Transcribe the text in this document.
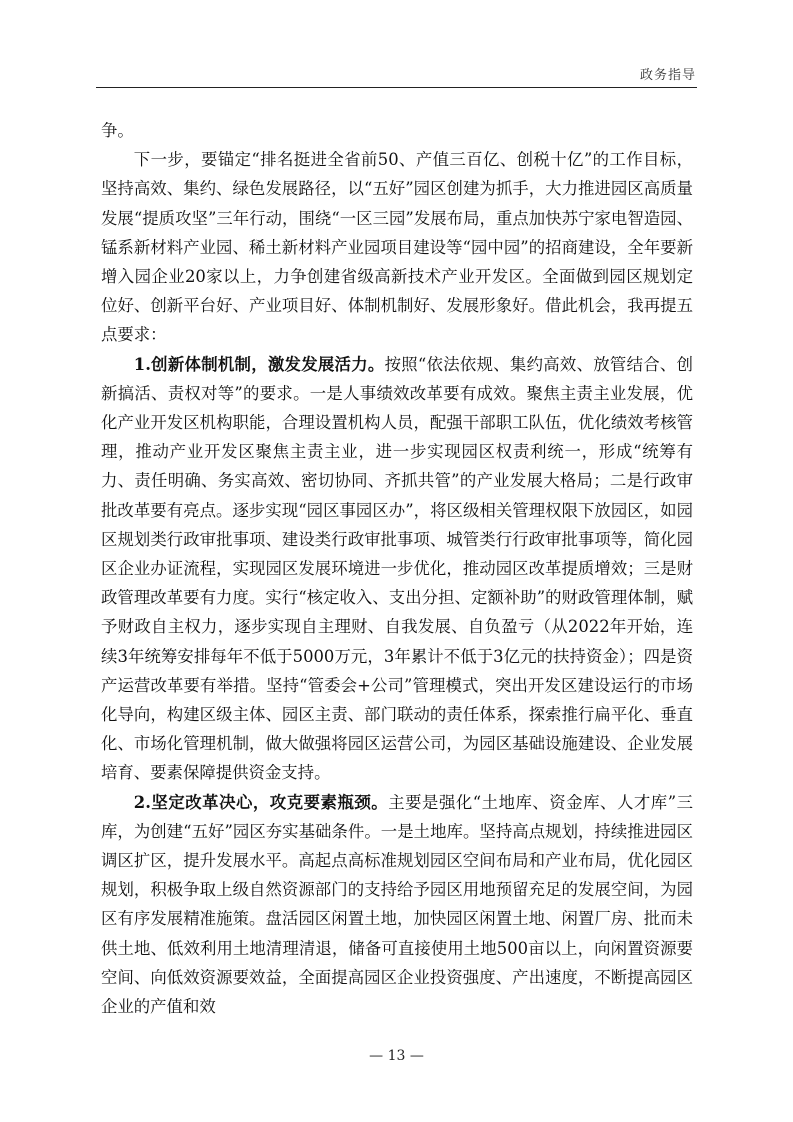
政务指导

争。

下一步，要锚定“排名挺进全省前50、产值三百亿、创税十亿”的工作目标，坚持高效、集约、绿色发展路径，以“五好”园区创建为抓手，大力推进园区高质量发展“提质攻坚”三年行动，围绕“一区三园”发展布局，重点加快苏宁家电智造园、锰系新材料产业园、稀土新材料产业园项目建设等“园中园”的招商建设，全年要新增入园企业20家以上，力争创建省级高新技术产业开发区。全面做到园区规划定位好、创新平台好、产业项目好、体制机制好、发展形象好。借此机会，我再提五点要求：

1.创新体制机制，激发发展活力。按照“依法依规、集约高效、放管结合、创新搞活、责权对等”的要求。一是人事绩效改革要有成效。聚焦主责主业发展，优化产业开发区机构职能，合理设置机构人员，配强干部职工队伍，优化绩效考核管理，推动产业开发区聚焦主责主业，进一步实现园区权责利统一，形成“统筹有力、责任明确、务实高效、密切协同、齐抓共管”的产业发展大格局；二是行政审批改革要有亮点。逐步实现“园区事园区办”，将区级相关管理权限下放园区，如园区规划类行政审批事项、建设类行政审批事项、城管类行行政审批事项等，简化园区企业办证流程，实现园区发展环境进一步优化，推动园区改革提质增效；三是财政管理改革要有力度。实行“核定收入、支出分担、定额补助”的财政管理体制，赋予财政自主权力，逐步实现自主理财、自我发展、自负盈亏（从2022年开始，连续3年统筹安排每年不低于5000万元，3年累计不低于3亿元的扶持资金）；四是资产运营改革要有举措。坚持“管委会+公司”管理模式，突出开发区建设运行的市场化导向，构建区级主体、园区主责、部门联动的责任体系，探索推行扁平化、垂直化、市场化管理机制，做大做强将园区运营公司，为园区基础设施建设、企业发展培育、要素保障提供资金支持。

2.坚定改革决心，攻克要素瓶颈。主要是强化“土地库、资金库、人才库”三库，为创建“五好”园区夯实基础条件。一是土地库。坚持高点规划，持续推进园区调区扩区，提升发展水平。高起点高标准规划园区空间布局和产业布局，优化园区规划，积极争取上级自然资源部门的支持给予园区用地预留充足的发展空间，为园区有序发展精准施策。盘活园区闲置土地，加快园区闲置土地、闲置厂房、批而未供土地、低效利用土地清理清退，储备可直接使用土地500亩以上，向闲置资源要空间、向低效资源要效益，全面提高园区企业投资强度、产出速度，不断提高园区企业的产值和效

— 13 —
